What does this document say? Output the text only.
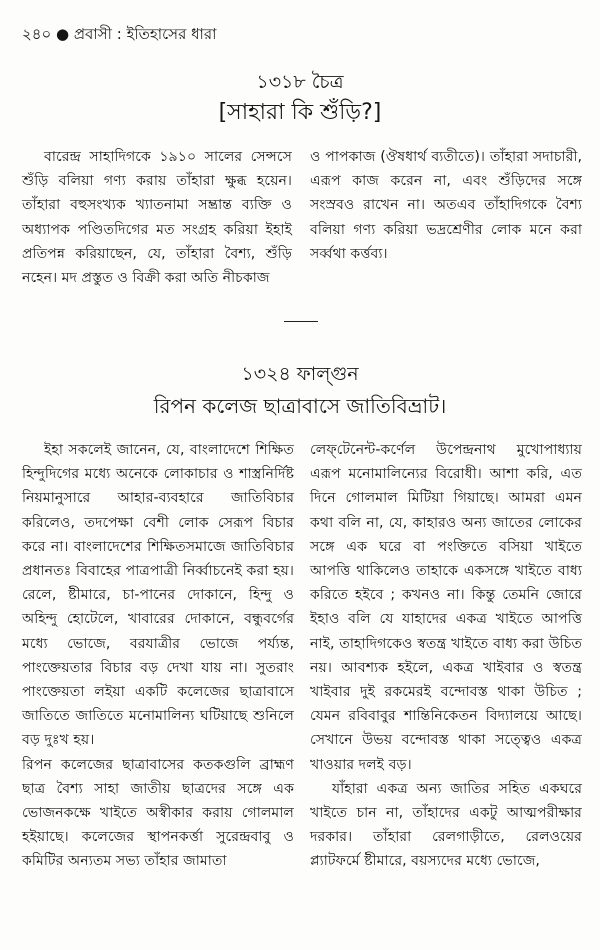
২৪০ ● প্রবাসী : ইতিহাসের ধারা
১৩১৮ চৈত্র
[সাহারা কি শুঁড়ি?]

বারেন্দ্র সাহাদিগকে ১৯১০ সালের সেন্সসে শুঁড়ি বলিয়া গণ্য করায় তাঁহারা ক্ষুব্ধ হয়েন। তাঁহারা বহুসংখ্যক খ্যাতনামা সম্ভ্রান্ত ব্যক্তি ও অধ্যাপক পণ্ডিতদিগের মত সংগ্রহ করিয়া ইহাই প্রতিপন্ন করিয়াছেন, যে, তাঁহারা বৈশ্য, শুঁড়ি নহেন। মদ প্রস্তুত ও বিক্রী করা অতি নীচকাজ

ও পাপকাজ (ঔষধার্থ ব্যতীতে)। তাঁহারা সদাচারী, এরূপ কাজ করেন না, এবং শুঁড়িদের সঙ্গে সংস্রবও রাখেন না। অতএব তাঁহাদিগকে বৈশ্য বলিয়া গণ্য করিয়া ভদ্রশ্রেণীর লোক মনে করা সর্ব্বথা কর্ত্তব্য।

১৩২৪ ফাল্গুন
রিপন কলেজ ছাত্রাবাসে জাতিবিভ্রাট।

ইহা সকলেই জানেন, যে, বাংলাদেশে শিক্ষিত হিন্দুদিগের মধ্যে অনেকে লোকাচার ও শাস্ত্রনির্দিষ্ট নিয়মানুসারে আহার-ব্যবহারে জাতিবিচার করিলেও, তদপেক্ষা বেশী লোক সেরূপ বিচার করে না। বাংলাদেশের শিক্ষিতসমাজে জাতিবিচার প্রধানতঃ বিবাহের পাত্রপাত্রী নির্ব্বাচনেই করা হয়। রেলে, ষ্টীমারে, চা-পানের দোকানে, হিন্দু ও অহিন্দু হোটেলে, খাবারের দোকানে, বন্ধুবর্গের মধ্যে ভোজে, বরযাত্রীর ভোজে পর্য্যন্ত, পাংক্তেয়তার বিচার বড় দেখা যায় না। সুতরাং পাংক্তেয়তা লইয়া একটি কলেজের ছাত্রাবাসে জাতিতে জাতিতে মনোমালিন্য ঘটিয়াছে শুনিলে বড় দুঃখ হয়।

রিপন কলেজের ছাত্রাবাসের কতকগুলি ব্রাহ্মণ ছাত্র বৈশ্য সাহা জাতীয় ছাত্রদের সঙ্গে এক ভোজনকক্ষে খাইতে অস্বীকার করায় গোলমাল হইয়াছে। কলেজের স্থাপনকর্ত্তা সুরেন্দ্রবাবু ও কমিটির অন্যতম সভ্য তাঁহার জামাতা

লেফ্‌টেনেন্ট-কর্ণেল উপেন্দ্রনাথ মুখোপাধ্যায় এরূপ মনোমালিন্যের বিরোধী। আশা করি, এত দিনে গোলমাল মিটিয়া গিয়াছে। আমরা এমন কথা বলি না, যে, কাহারও অন্য জাতের লোকের সঙ্গে এক ঘরে বা পংক্তিতে বসিয়া খাইতে আপত্তি থাকিলেও তাহাকে একসঙ্গে খাইতে বাধ্য করিতে হইবে ; কখনও না। কিন্তু তেমনি জোরে ইহাও বলি যে যাহাদের একত্র খাইতে আপত্তি নাই, তাহাদিগকেও স্বতন্ত্র খাইতে বাধ্য করা উচিত নয়। আবশ্যক হইলে, একত্র খাইবার ও স্বতন্ত্র খাইবার দুই রকমেরই বন্দোবস্ত থাকা উচিত ; যেমন রবিবাবুর শান্তিনিকেতন বিদ্যালয়ে আছে। সেখানে উভয় বন্দোবস্ত থাকা সত্ত্বেও একত্র খাওয়ার দলই বড়।

যাঁহারা একত্র অন্য জাতির সহিত একঘরে খাইতে চান না, তাঁহাদের একটু আত্মপরীক্ষার দরকার। তাঁহারা রেলগাড়ীতে, রেলওয়ের প্ল্যাটফর্মে ষ্টীমারে, বয়স্যদের মধ্যে ভোজে,
